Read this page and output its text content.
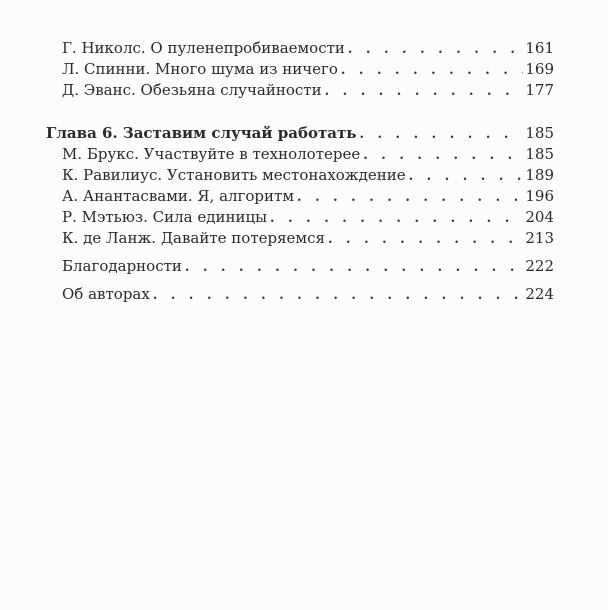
Г. Николс. О пуленепробиваемости . . .	161
Л. Спинни. Много шума из ничего . . .	169
Д. Эванс. Обезьяна случайности . . .	177
Глава 6. Заставим случай работать . . .	185
М. Брукс. Участвуйте в технолотерее . . .	185
К. Равилиус. Установить местонахождение . . .	189
А. Анантасвами. Я, алгоритм . . .	196
Р. Мэтьюз. Сила единицы . . .	204
К. де Ланж. Давайте потеряемся . . .	213
Благодарности . . .	222
Об авторах . . .	224
